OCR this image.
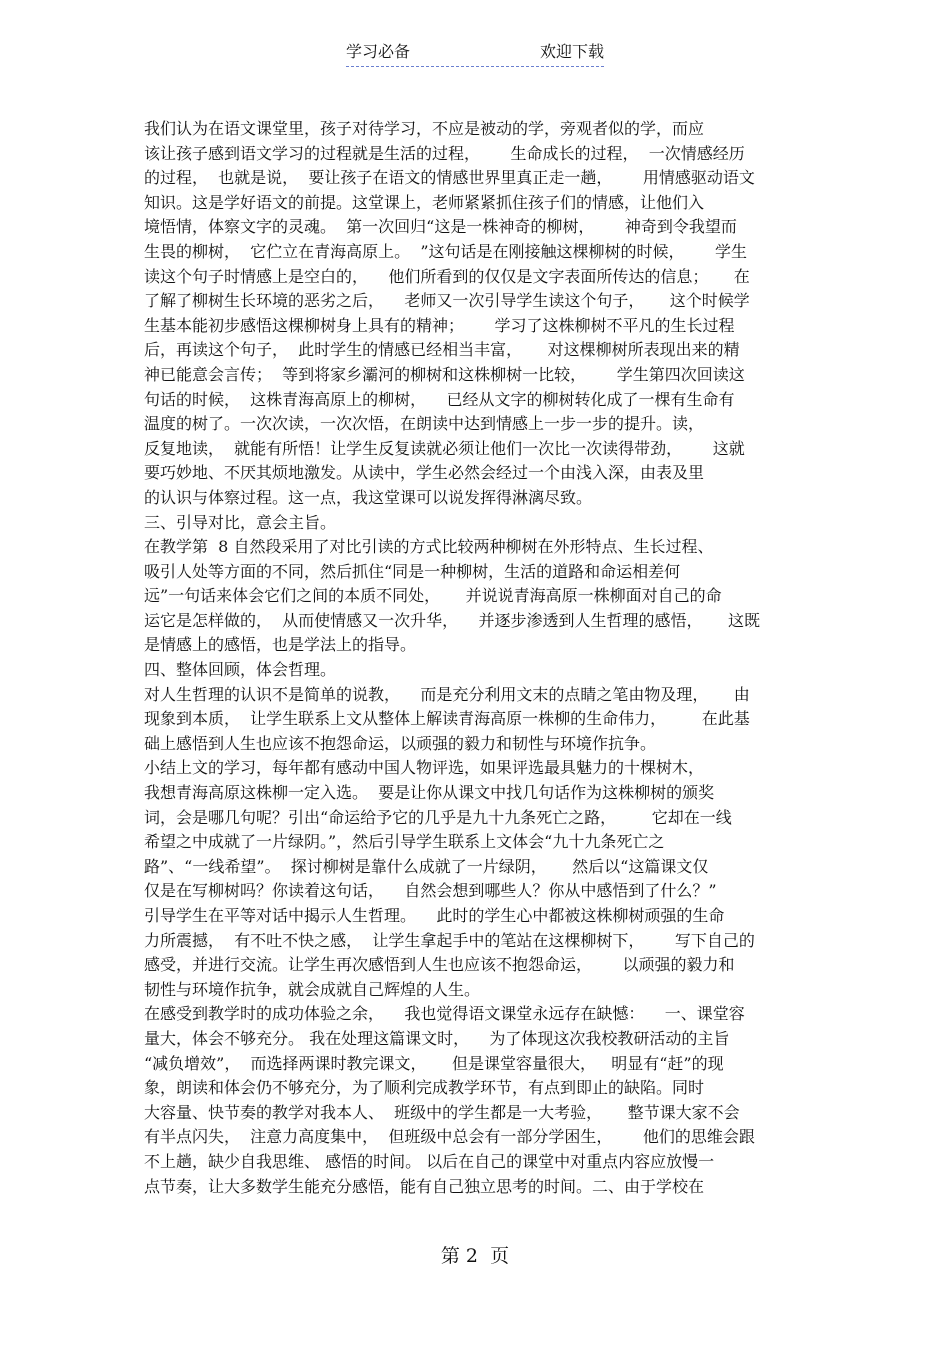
学习必备	欢迎下载
我们认为在语文课堂里，孩子对待学习，不应是被动的学，旁观者似的学，而应
该让孩子感到语文学习的过程就是生活的过程，      生命成长的过程，  一次情感经历
的过程，  也就是说，  要让孩子在语文的情感世界里真正走一趟，      用情感驱动语文
知识。这是学好语文的前提。这堂课上，老师紧紧抓住孩子们的情感，让他们入
境悟情，体察文字的灵魂。  第一次回归“这是一株神奇的柳树，      神奇到令我望而
生畏的柳树，  它伫立在青海高原上。  ”这句话是在刚接触这棵柳树的时候，      学生
读这个句子时情感上是空白的，    他们所看到的仅仅是文字表面所传达的信息；     在
了解了柳树生长环境的恶劣之后，    老师又一次引导学生读这个句子，     这个时候学
生基本能初步感悟这棵柳树身上具有的精神；      学习了这株柳树不平凡的生长过程
后，再读这个句子，  此时学生的情感已经相当丰富，     对这棵柳树所表现出来的精
神已能意会言传；  等到将家乡灞河的柳树和这株柳树一比较，      学生第四次回读这
句话的时候，  这株青海高原上的柳树，    已经从文字的柳树转化成了一棵有生命有
温度的树了。一次次读，一次次悟，在朗读中达到情感上一步一步的提升。读，
反复地读，  就能有所悟！让学生反复读就必须让他们一次比一次读得带劲，      这就
要巧妙地、不厌其烦地激发。从读中，学生必然会经过一个由浅入深，由表及里
的认识与体察过程。这一点，我这堂课可以说发挥得淋漓尽致。
三、引导对比，意会主旨。
在教学第  8 自然段采用了对比引读的方式比较两种柳树在外形特点、生长过程、
吸引人处等方面的不同，然后抓住“同是一种柳树，生活的道路和命运相差何
远”一句话来体会它们之间的本质不同处，     并说说青海高原一株柳面对自己的命
运它是怎样做的，  从而使情感又一次升华，    并逐步渗透到人生哲理的感悟，     这既
是情感上的感悟，也是学法上的指导。
四、整体回顾，体会哲理。
对人生哲理的认识不是简单的说教，    而是充分利用文末的点睛之笔由物及理，     由
现象到本质，  让学生联系上文从整体上解读青海高原一株柳的生命伟力，       在此基
础上感悟到人生也应该不抱怨命运，以顽强的毅力和韧性与环境作抗争。
小结上文的学习，每年都有感动中国人物评选，如果评选最具魅力的十棵树木，
我想青海高原这株柳一定入选。  要是让你从课文中找几句话作为这株柳树的颁奖
词，会是哪几句呢？引出“命运给予它的几乎是九十九条死亡之路，       它却在一线
希望之中成就了一片绿阴。”，然后引导学生联系上文体会“九十九条死亡之
路”、“一线希望”。  探讨柳树是靠什么成就了一片绿阴，     然后以“这篇课文仅
仅是在写柳树吗？你读着这句话，    自然会想到哪些人？你从中感悟到了什么？”
引导学生在平等对话中揭示人生哲理。    此时的学生心中都被这株柳树顽强的生命
力所震撼，  有不吐不快之感，  让学生拿起手中的笔站在这棵柳树下，      写下自己的
感受，并进行交流。让学生再次感悟到人生也应该不抱怨命运，      以顽强的毅力和
韧性与环境作抗争，就会成就自己辉煌的人生。
在感受到教学时的成功体验之余，    我也觉得语文课堂永远存在缺憾：    一、课堂容
量大，体会不够充分。 我在处理这篇课文时，    为了体现这次我校教研活动的主旨
“减负增效”，  而选择两课时教完课文，     但是课堂容量很大，   明显有“赶”的现
象，朗读和体会仍不够充分，为了顺利完成教学环节，有点到即止的缺陷。同时
大容量、快节奏的教学对我本人、  班级中的学生都是一大考验，     整节课大家不会
有半点闪失，  注意力高度集中，  但班级中总会有一部分学困生，      他们的思维会跟
不上趟，缺少自我思维、 感悟的时间。 以后在自己的课堂中对重点内容应放慢一
点节奏，让大多数学生能充分感悟，能有自己独立思考的时间。二、由于学校在
第 2  页
